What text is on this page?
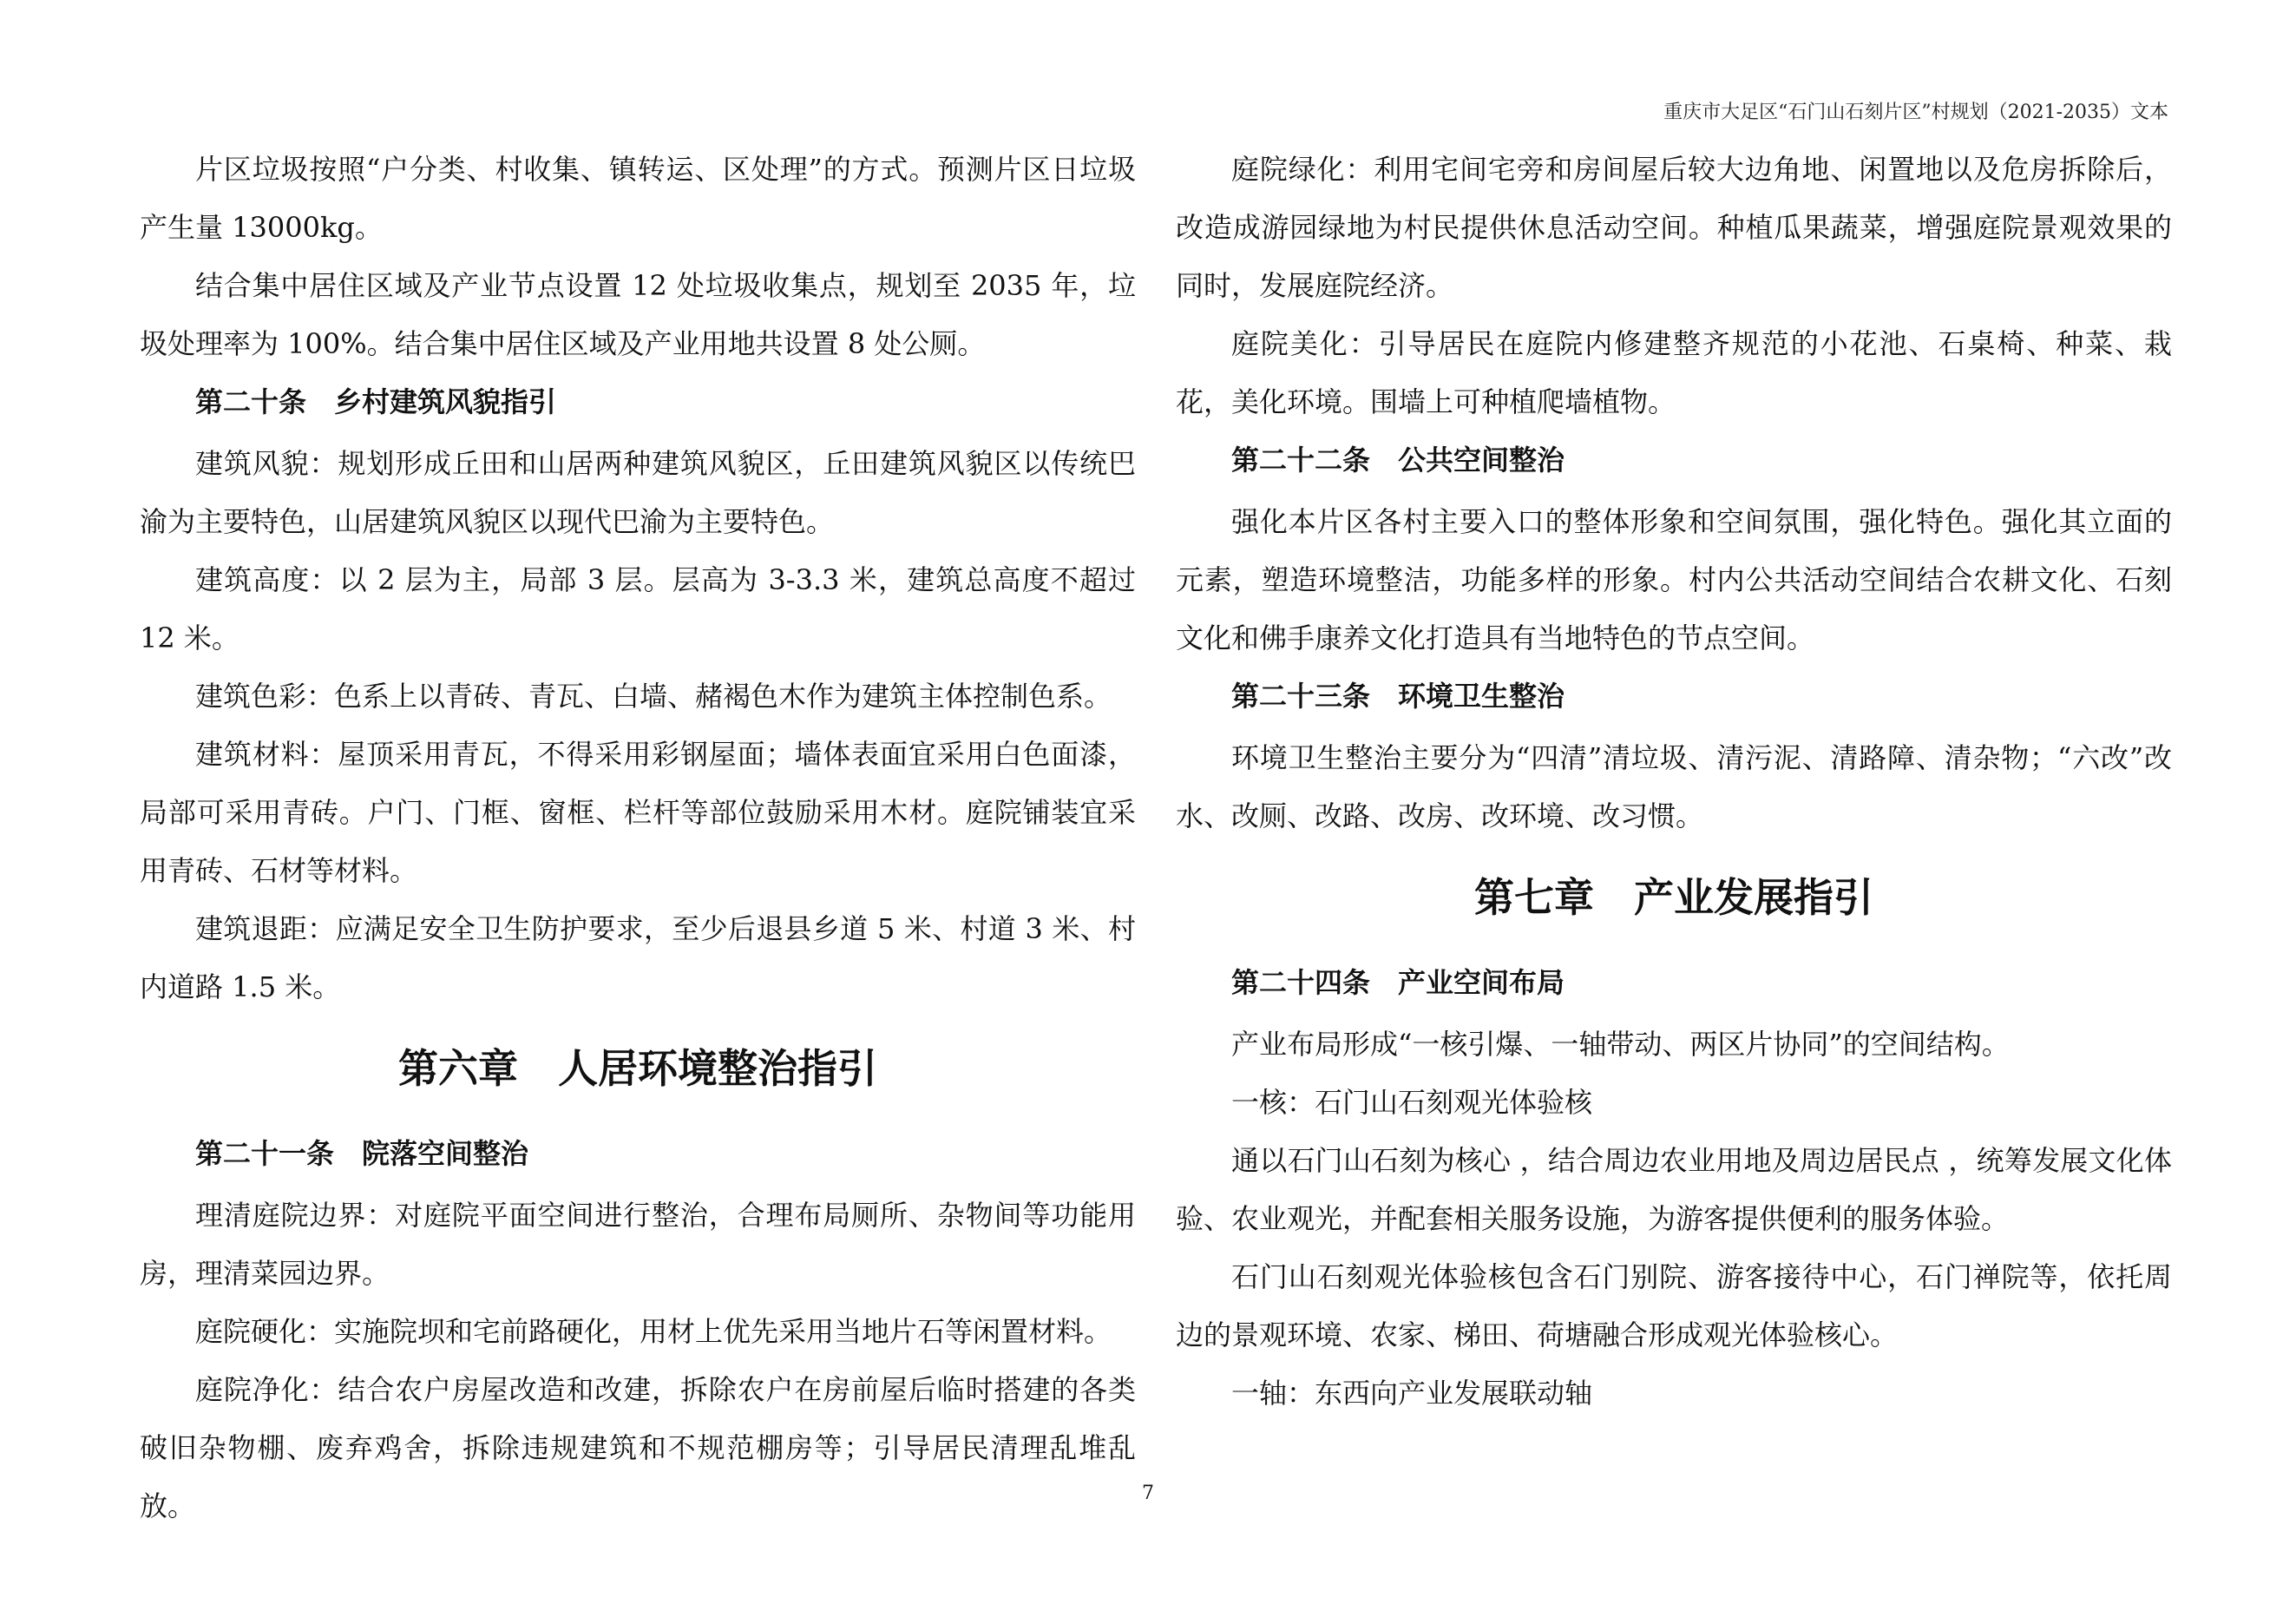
重庆市大足区“石门山石刻片区”村规划（2021-2035）文本

片区垃圾按照“户分类、村收集、镇转运、区处理”的方式。预测片区日垃圾产生量 13000kg。

结合集中居住区域及产业节点设置 12 处垃圾收集点，规划至 2035 年，垃圾处理率为 100%。结合集中居住区域及产业用地共设置 8 处公厕。

第二十条　乡村建筑风貌指引

建筑风貌：规划形成丘田和山居两种建筑风貌区，丘田建筑风貌区以传统巴渝为主要特色，山居建筑风貌区以现代巴渝为主要特色。

建筑高度：以 2 层为主，局部 3 层。层高为 3-3.3 米，建筑总高度不超过 12 米。

建筑色彩：色系上以青砖、青瓦、白墙、赭褐色木作为建筑主体控制色系。

建筑材料：屋顶采用青瓦，不得采用彩钢屋面；墙体表面宜采用白色面漆，局部可采用青砖。户门、门框、窗框、栏杆等部位鼓励采用木材。庭院铺装宜采用青砖、石材等材料。

建筑退距：应满足安全卫生防护要求，至少后退县乡道 5 米、村道 3 米、村内道路 1.5 米。

第六章　人居环境整治指引
第二十一条　院落空间整治

理清庭院边界：对庭院平面空间进行整治，合理布局厕所、杂物间等功能用房，理清菜园边界。

庭院硬化：实施院坝和宅前路硬化，用材上优先采用当地片石等闲置材料。

庭院净化：结合农户房屋改造和改建，拆除农户在房前屋后临时搭建的各类破旧杂物棚、废弃鸡舍，拆除违规建筑和不规范棚房等；引导居民清理乱堆乱放。

庭院绿化：利用宅间宅旁和房间屋后较大边角地、闲置地以及危房拆除后，改造成游园绿地为村民提供休息活动空间。种植瓜果蔬菜，增强庭院景观效果的同时，发展庭院经济。

庭院美化：引导居民在庭院内修建整齐规范的小花池、石桌椅、种菜、栽花，美化环境。围墙上可种植爬墙植物。

第二十二条　公共空间整治

强化本片区各村主要入口的整体形象和空间氛围，强化特色。强化其立面的元素，塑造环境整洁，功能多样的形象。村内公共活动空间结合农耕文化、石刻文化和佛手康养文化打造具有当地特色的节点空间。

第二十三条　环境卫生整治

环境卫生整治主要分为“四清”清垃圾、清污泥、清路障、清杂物；“六改”改水、改厕、改路、改房、改环境、改习惯。

第七章　产业发展指引
第二十四条　产业空间布局

产业布局形成“一核引爆、一轴带动、两区片协同”的空间结构。

一核：石门山石刻观光体验核

通以石门山石刻为核心 ，结合周边农业用地及周边居民点 ，统筹发展文化体验、农业观光，并配套相关服务设施，为游客提供便利的服务体验。

石门山石刻观光体验核包含石门别院、游客接待中心，石门禅院等，依托周边的景观环境、农家、梯田、荷塘融合形成观光体验核心。

一轴：东西向产业发展联动轴

7
